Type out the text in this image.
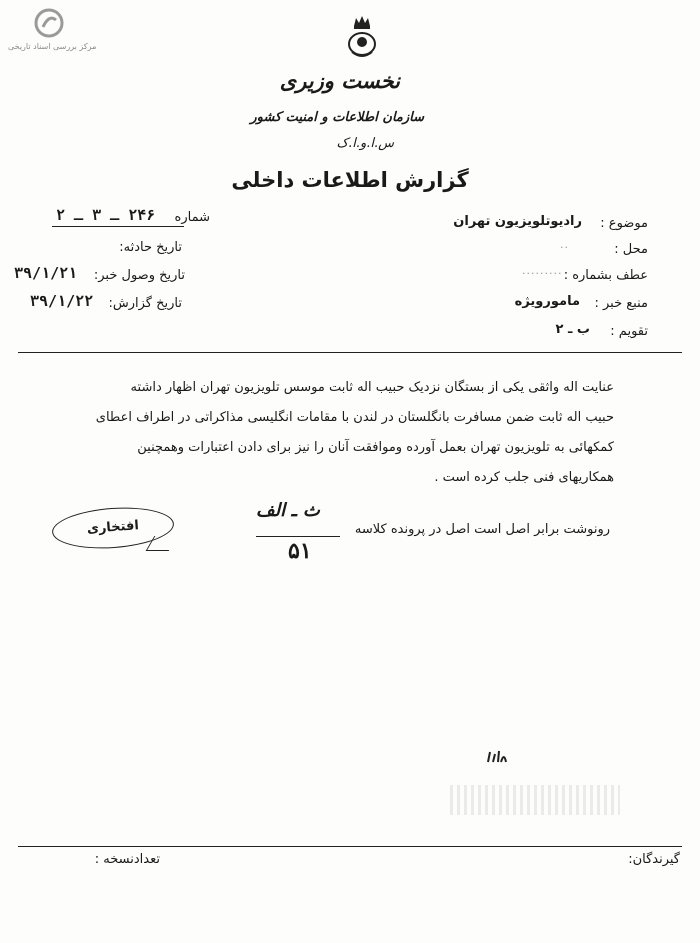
مرکز بررسی اسناد تاریخی
نخست وزیری
سازمان اطلاعات و امنیت کشور
س.ا.و.ا.ک
گزارش اطلاعات داخلی
شماره
۲۴۶ ـ ۳ ـ ۲
تاریخ حادثه:
تاریخ وصول خبر:
۳۹/۱/۲۱
تاریخ گزارش:
۳۹/۱/۲۲
موضوع :
رادیوتلویزیون تهران
محل :
..
عطف بشماره :
.........
منبع خبر :
مامورویژه
تقویم :
ب ـ ۲

عنایت اله واثقی یکی از بستگان نزدیک حبیب اله ثابت موسس تلویزیون تهران اظهار داشته

حبیب اله ثابت ضمن مسافرت بانگلستان در لندن با مقامات انگلیسی مذاکراتی در اطراف اعطای

کمکهائی به تلویزیون تهران بعمل آورده وموافقت آنان را نیز برای دادن اعتبارات وهمچنین

همکاریهای فنی جلب کرده است .

افتخاری	رونوشت برابر اصل است اصل در پرونده کلاسه
ث ـ الف
۵۱
گیرندگان:
تعدادنسخه :
